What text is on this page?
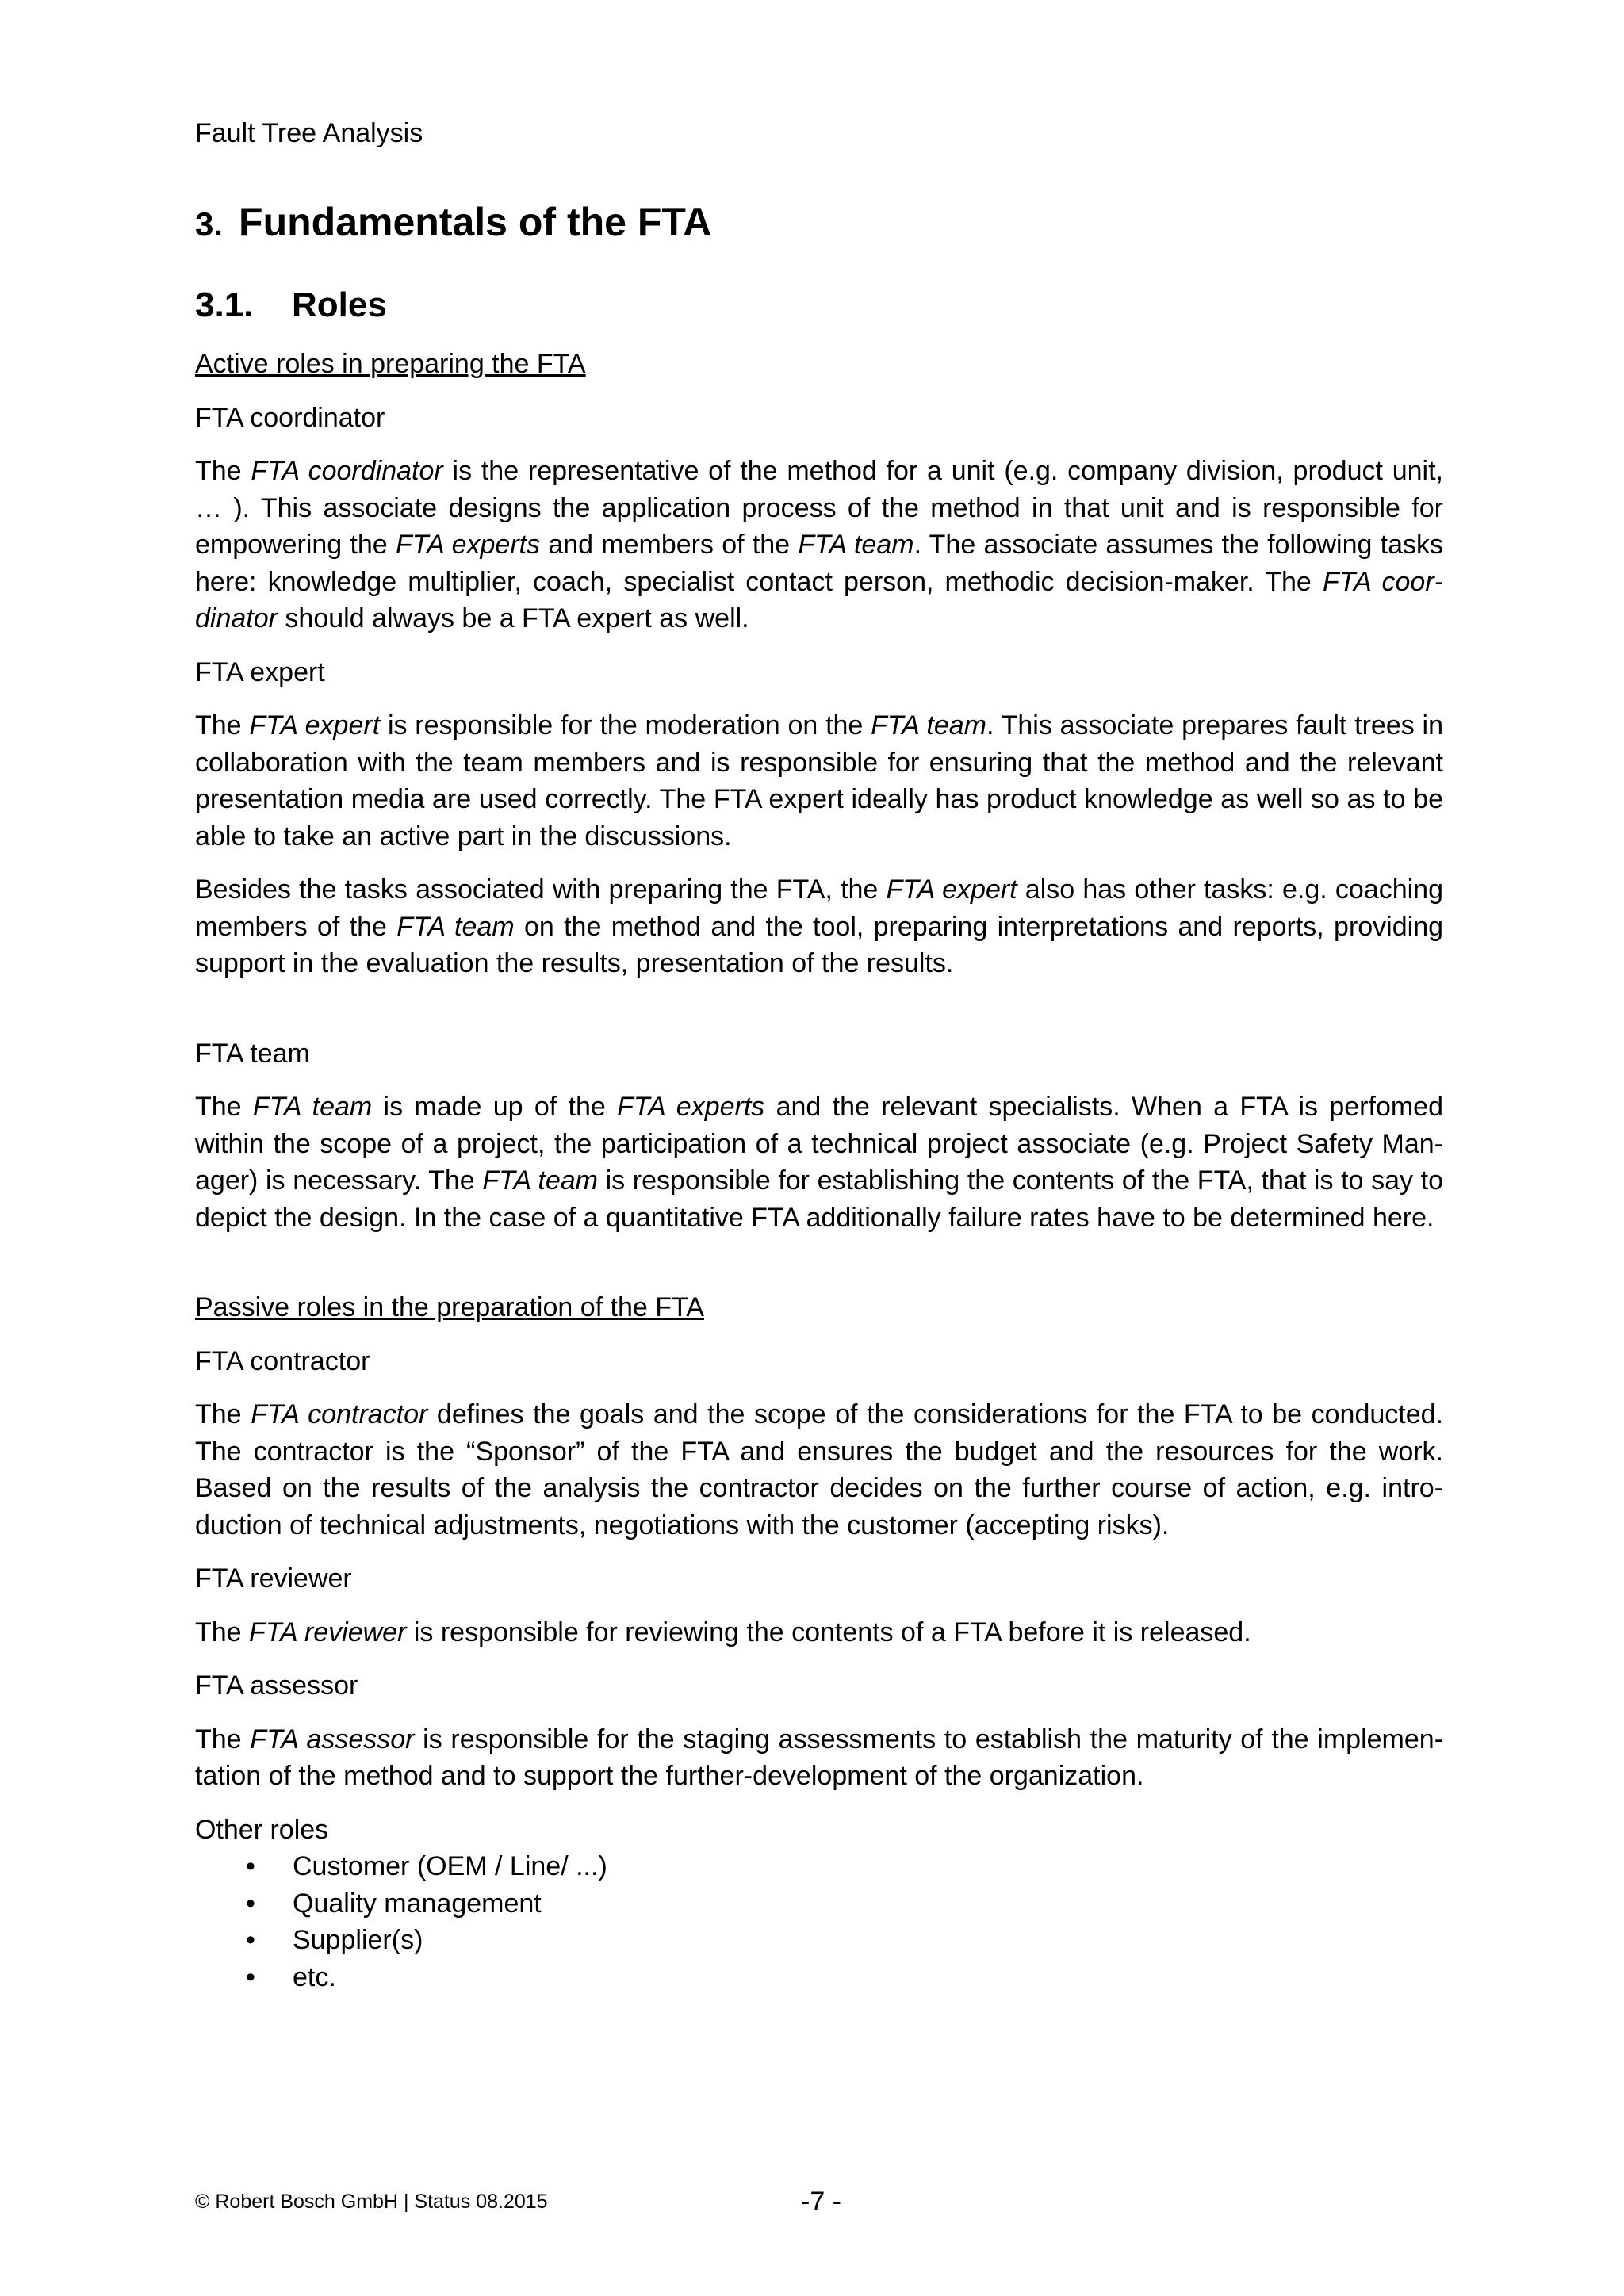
Fault Tree Analysis
3. Fundamentals of the FTA
3.1. Roles

Active roles in preparing the FTA

FTA coordinator

The FTA coordinator is the representative of the method for a unit (e.g. company division, product unit, … ). This associate designs the application process of the method in that unit and is responsible for empowering the FTA experts and members of the FTA team. The associate assumes the following tasks here: knowledge multiplier, coach, specialist contact person, methodic decision-maker. The FTA coordinator should always be a FTA expert as well.

FTA expert

The FTA expert is responsible for the moderation on the FTA team. This associate prepares fault trees in collaboration with the team members and is responsible for ensuring that the method and the relevant presentation media are used correctly. The FTA expert ideally has product knowledge as well so as to be able to take an active part in the discussions.

Besides the tasks associated with preparing the FTA, the FTA expert also has other tasks: e.g. coaching members of the FTA team on the method and the tool, preparing interpretations and reports, providing support in the evaluation the results, presentation of the results.

FTA team

The FTA team is made up of the FTA experts and the relevant specialists. When a FTA is perfomed within the scope of a project, the participation of a technical project associate (e.g. Project Safety Manager) is necessary. The FTA team is responsible for establishing the contents of the FTA, that is to say to depict the design. In the case of a quantitative FTA additionally failure rates have to be determined here.

Passive roles in the preparation of the FTA

FTA contractor

The FTA contractor defines the goals and the scope of the considerations for the FTA to be conducted. The contractor is the “Sponsor” of the FTA and ensures the budget and the resources for the work. Based on the results of the analysis the contractor decides on the further course of action, e.g. introduction of technical adjustments, negotiations with the customer (accepting risks).

FTA reviewer

The FTA reviewer is responsible for reviewing the contents of a FTA before it is released.

FTA assessor

The FTA assessor is responsible for the staging assessments to establish the maturity of the implementation of the method and to support the further-development of the organization.

Other roles
• Customer (OEM / Line/ ...)
• Quality management
• Supplier(s)
• etc.
© Robert Bosch GmbH | Status 08.2015	-7 -
